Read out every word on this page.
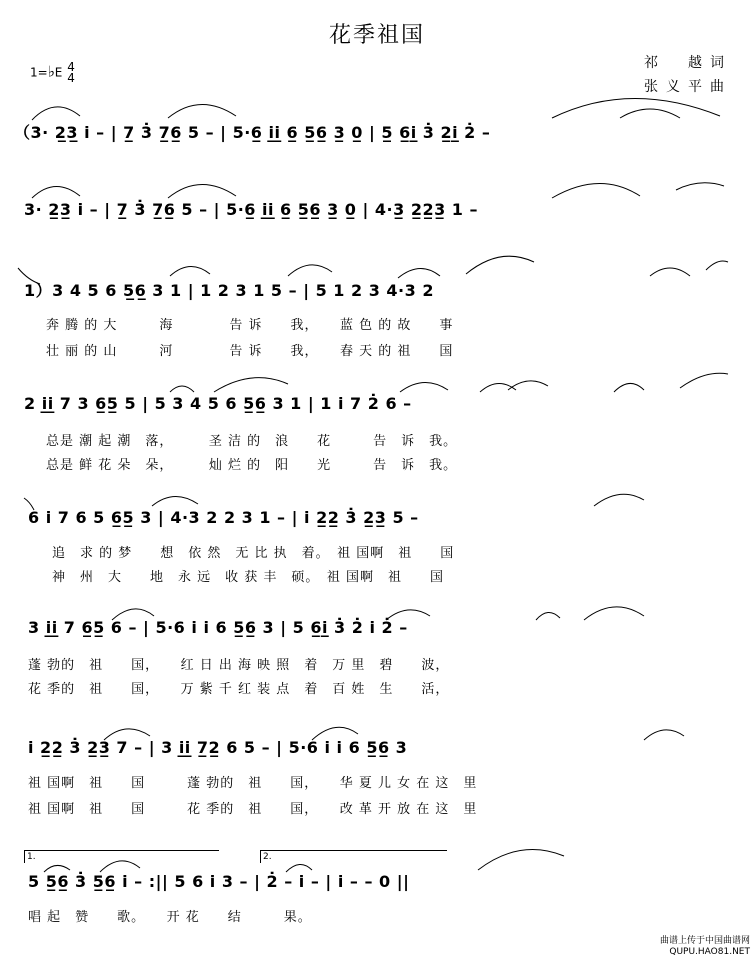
花季祖国
祁　越词
张义平曲
1=♭E 4
4
（3· 2̲3̲ i – | 7̲ 3̇ 7̲6̲ 5 – | 5·6̲ i̲i̲ 6̲ 5̲6̲ 3̲ 0̲ | 5̲ 6̲i̲ 3̇ 2̲i̲ 2̇ –
3· 2̲3̲ i – | 7̲ 3̇ 7̲6̲ 5 – | 5·6̲ i̲i̲ 6̲ 5̲6̲ 3̲ 0̲ | 4·3̲ 2̲2̲3̲ 1 –
1）3 4 5 6 5̲6̲ 3 1 | 1 2 3 1 5 – | 5 1 2 3 4·3 2
奔 腾 的 大　　　海　　　　告 诉　　我，　　蓝 色 的 故　　事
壮 丽 的 山　　　河　　　　告 诉　　我，　　春 天 的 祖　　国
2 i̲i̲ 7 3 6̲5̲ 5 | 5 3 4 5 6 5̲6̲ 3 1 | 1 i 7 2̇ 6 –
总是 潮 起 潮　落，　　　圣 洁 的　浪　　花　　　告　诉　我。
总是 鲜 花 朵　朵，　　　灿 烂 的　阳　　光　　　告　诉　我。
6 i 7 6 5 6̲5̲ 3 | 4·3 2 2 3 1 – | i 2̲2̲ 3̇ 2̲3̲ 5 –
追　求 的 梦　　想　依 然　无 比 执　着。　祖 国啊　祖　　国
神　州　大　　地　永 远　收 获 丰　硕。　祖 国啊　祖　　国
3 i̲i̲ 7 6̲5̲ 6 – | 5·6 i i 6 5̲6̲ 3 | 5 6̲i̲ 3̇ 2̇ i 2̇ –
蓬 勃的　祖　　国，　　红 日 出 海 映 照　着　万 里　碧　　波，
花 季的　祖　　国，　　万 紫 千 红 装 点　着　百 姓　生　　活，
i 2̲2̲ 3̇ 2̲3̲ 7 – | 3 i̲i̲ 7̲2̲ 6 5 – | 5·6 i i 6 5̲6̲ 3
祖 国啊　祖　　国　　　蓬 勃的　祖　　国，　　华 夏 儿 女 在 这　里
祖 国啊　祖　　国　　　花 季的　祖　　国，　　改 革 开 放 在 这　里
5 5̲6̲ 3̇ 5̲6̲ i – :|| 5 6 i 3 – | 2̇ – i – | i – – 0 ||
唱 起　赞　　歌。　　开 花　　结　　　果。
1.	2.
曲谱上传于中国曲谱网
QUPU.HAO81.NET
